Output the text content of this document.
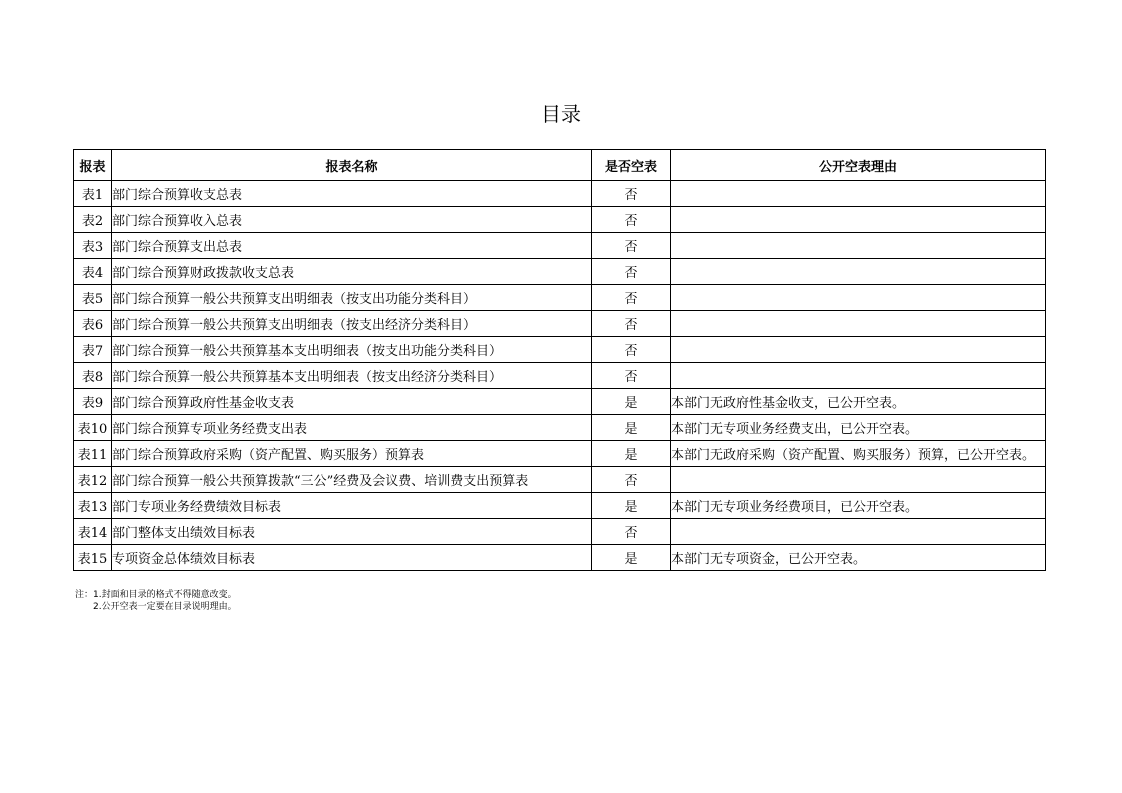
目录
报表	报表名称	是否空表	公开空表理由
表1	部门综合预算收支总表	否	
表2	部门综合预算收入总表	否	
表3	部门综合预算支出总表	否	
表4	部门综合预算财政拨款收支总表	否	
表5	部门综合预算一般公共预算支出明细表（按支出功能分类科目）	否	
表6	部门综合预算一般公共预算支出明细表（按支出经济分类科目）	否	
表7	部门综合预算一般公共预算基本支出明细表（按支出功能分类科目）	否	
表8	部门综合预算一般公共预算基本支出明细表（按支出经济分类科目）	否	
表9	部门综合预算政府性基金收支表	是	本部门无政府性基金收支，已公开空表。
表10	部门综合预算专项业务经费支出表	是	本部门无专项业务经费支出，已公开空表。
表11	部门综合预算政府采购（资产配置、购买服务）预算表	是	本部门无政府采购（资产配置、购买服务）预算，已公开空表。
表12	部门综合预算一般公共预算拨款“三公”经费及会议费、培训费支出预算表	否	
表13	部门专项业务经费绩效目标表	是	本部门无专项业务经费项目，已公开空表。
表14	部门整体支出绩效目标表	否	
表15	专项资金总体绩效目标表	是	本部门无专项资金，已公开空表。
注：1.封面和目录的格式不得随意改变。
2.公开空表一定要在目录说明理由。
